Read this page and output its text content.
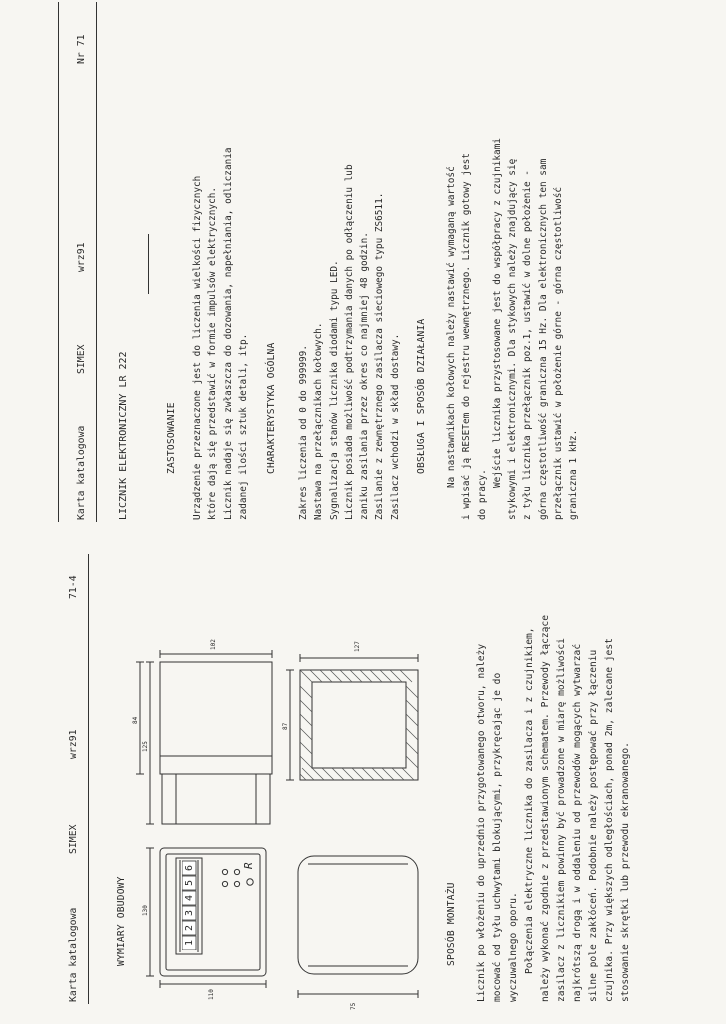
Karta katalogowa
SIMEX
wrz91
71-4
WYMIARY OBUDOWY	1
2
3
4
5
6	R
130
110
125
84
102
75
87
127
SPOSÓB MONTAŻU Licznik po włożeniu do uprzednio przygotowanego otworu, należy mocować od tyłu uchwytami blokującymi, przykręcając je do wyczuwalnego oporu. Połączenia elektryczne licznika do zasilacza i z czujnikiem, należy wykonać zgodnie z przedstawionym schematem. Przewody łączące zasilacz z licznikiem powinny być prowadzone w miarę możliwości najkrótszą drogą i w oddaleniu od przewodów mogących wytwarzać silne pole zakłóceń. Podobnie należy postępować przy łączeniu czujnika. Przy większych odległościach, ponad 2m, zalecane jest stosowanie skrętki lub przewodu ekranowanego.
Karta katalogowa
SIMEX
wrz91
Nr 71
LICZNIK ELEKTRONICZNY LR 222	ZASTOSOWANIE Urządzenie przeznaczone jest do liczenia wielkości fizycznych które dają się przedstawić w formie impulsów elektrycznych. Licznik nadaje się zwłaszcza do dozowania, napełniania, odliczania zadanej ilości sztuk detali, itp. CHARAKTERYSTYKA OGÓLNA Zakres liczenia od 0 do 999999. Nastawa na przełącznikach kołowych. Sygnalizacja stanów licznika diodami typu LED. Licznik posiada możliwość podtrzymania danych po odłączeniu lub zaniku zasilania przez okres co najmniej 48 godzin. Zasilanie z zewnętrznego zasilacza sieciowego typu ZS6511. Zasilacz wchodzi w skład dostawy. OBSŁUGA I SPOSÓB DZIAŁANIA Na nastawnikach kołowych należy nastawić wymaganą wartość i wpisać ją RESETem do rejestru wewnętrznego. Licznik gotowy jest do pracy.
Wejście licznika przystosowane jest do współpracy z czujnikami stykowymi i elektronicznymi. Dla stykowych należy znajdujący się z tyłu licznika przełącznik poz.1, ustawić w dolne położenie - górna częstotliwość graniczna 15 Hz. Dla elektronicznych ten sam przełącznik ustawić w położenie górne - górna częstotliwość graniczna 1 kHz.
